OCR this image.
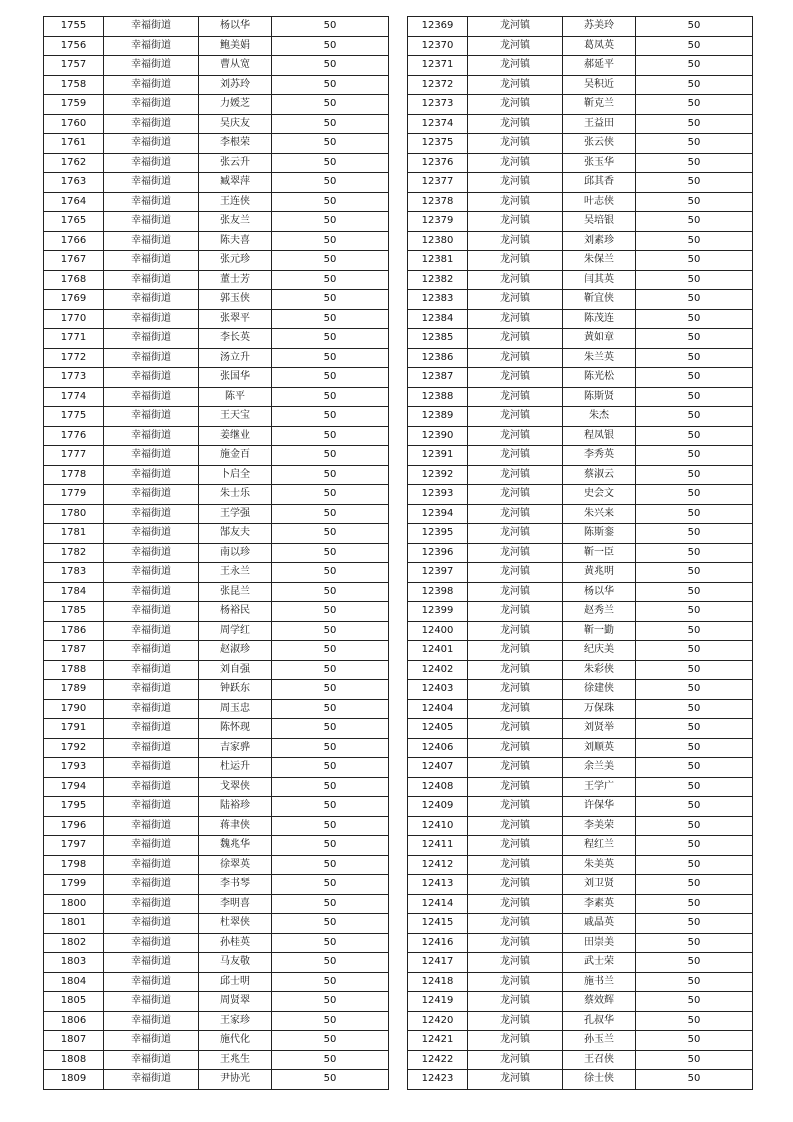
1755	幸福街道	杨以华	50
1756	幸福街道	鲍美娟	50
1757	幸福街道	曹从宽	50
1758	幸福街道	刘苏玲	50
1759	幸福街道	力媛芝	50
1760	幸福街道	吴庆友	50
1761	幸福街道	李根荣	50
1762	幸福街道	张云升	50
1763	幸福街道	臧翠萍	50
1764	幸福街道	王连侠	50
1765	幸福街道	张友兰	50
1766	幸福街道	陈夫喜	50
1767	幸福街道	张元珍	50
1768	幸福街道	董士芳	50
1769	幸福街道	郭玉侠	50
1770	幸福街道	张翠平	50
1771	幸福街道	李长英	50
1772	幸福街道	汤立升	50
1773	幸福街道	张国华	50
1774	幸福街道	陈平	50
1775	幸福街道	王天宝	50
1776	幸福街道	姜继业	50
1777	幸福街道	施金百	50
1778	幸福街道	卜启全	50
1779	幸福街道	朱士乐	50
1780	幸福街道	王学强	50
1781	幸福街道	郜友夫	50
1782	幸福街道	南以珍	50
1783	幸福街道	王永兰	50
1784	幸福街道	张昆兰	50
1785	幸福街道	杨裕民	50
1786	幸福街道	周学红	50
1787	幸福街道	赵淑珍	50
1788	幸福街道	刘自强	50
1789	幸福街道	钟跃东	50
1790	幸福街道	周玉忠	50
1791	幸福街道	陈怀现	50
1792	幸福街道	吉家骅	50
1793	幸福街道	杜运升	50
1794	幸福街道	戈翠侠	50
1795	幸福街道	陆裕珍	50
1796	幸福街道	蒋聿侠	50
1797	幸福街道	魏兆华	50
1798	幸福街道	徐翠英	50
1799	幸福街道	李书琴	50
1800	幸福街道	李明喜	50
1801	幸福街道	杜翠侠	50
1802	幸福街道	孙桂英	50
1803	幸福街道	马友敬	50
1804	幸福街道	邱士明	50
1805	幸福街道	周贤翠	50
1806	幸福街道	王家珍	50
1807	幸福街道	施代化	50
1808	幸福街道	王兆生	50
1809	幸福街道	尹协光	50
12369	龙河镇	苏美玲	50
12370	龙河镇	葛凤英	50
12371	龙河镇	郝延平	50
12372	龙河镇	吴积近	50
12373	龙河镇	靳克兰	50
12374	龙河镇	王益田	50
12375	龙河镇	张云侠	50
12376	龙河镇	张玉华	50
12377	龙河镇	邱其香	50
12378	龙河镇	叶志侠	50
12379	龙河镇	吴培银	50
12380	龙河镇	刘素珍	50
12381	龙河镇	朱保兰	50
12382	龙河镇	闫其英	50
12383	龙河镇	靳宜侠	50
12384	龙河镇	陈茂连	50
12385	龙河镇	黄如章	50
12386	龙河镇	朱兰英	50
12387	龙河镇	陈光松	50
12388	龙河镇	陈斯贤	50
12389	龙河镇	朱杰	50
12390	龙河镇	程凤银	50
12391	龙河镇	李秀英	50
12392	龙河镇	蔡淑云	50
12393	龙河镇	史会文	50
12394	龙河镇	朱兴来	50
12395	龙河镇	陈斯銮	50
12396	龙河镇	靳一臣	50
12397	龙河镇	黄兆明	50
12398	龙河镇	杨以华	50
12399	龙河镇	赵秀兰	50
12400	龙河镇	靳一勤	50
12401	龙河镇	纪庆美	50
12402	龙河镇	朱彩侠	50
12403	龙河镇	徐建侠	50
12404	龙河镇	万保珠	50
12405	龙河镇	刘贤举	50
12406	龙河镇	刘顺英	50
12407	龙河镇	余兰美	50
12408	龙河镇	王学广	50
12409	龙河镇	许保华	50
12410	龙河镇	李美荣	50
12411	龙河镇	程红兰	50
12412	龙河镇	朱美英	50
12413	龙河镇	刘卫贤	50
12414	龙河镇	李素英	50
12415	龙河镇	戚晶英	50
12416	龙河镇	田崇美	50
12417	龙河镇	武士荣	50
12418	龙河镇	施书兰	50
12419	龙河镇	蔡效辉	50
12420	龙河镇	孔叔华	50
12421	龙河镇	孙玉兰	50
12422	龙河镇	王召侠	50
12423	龙河镇	徐士侠	50
